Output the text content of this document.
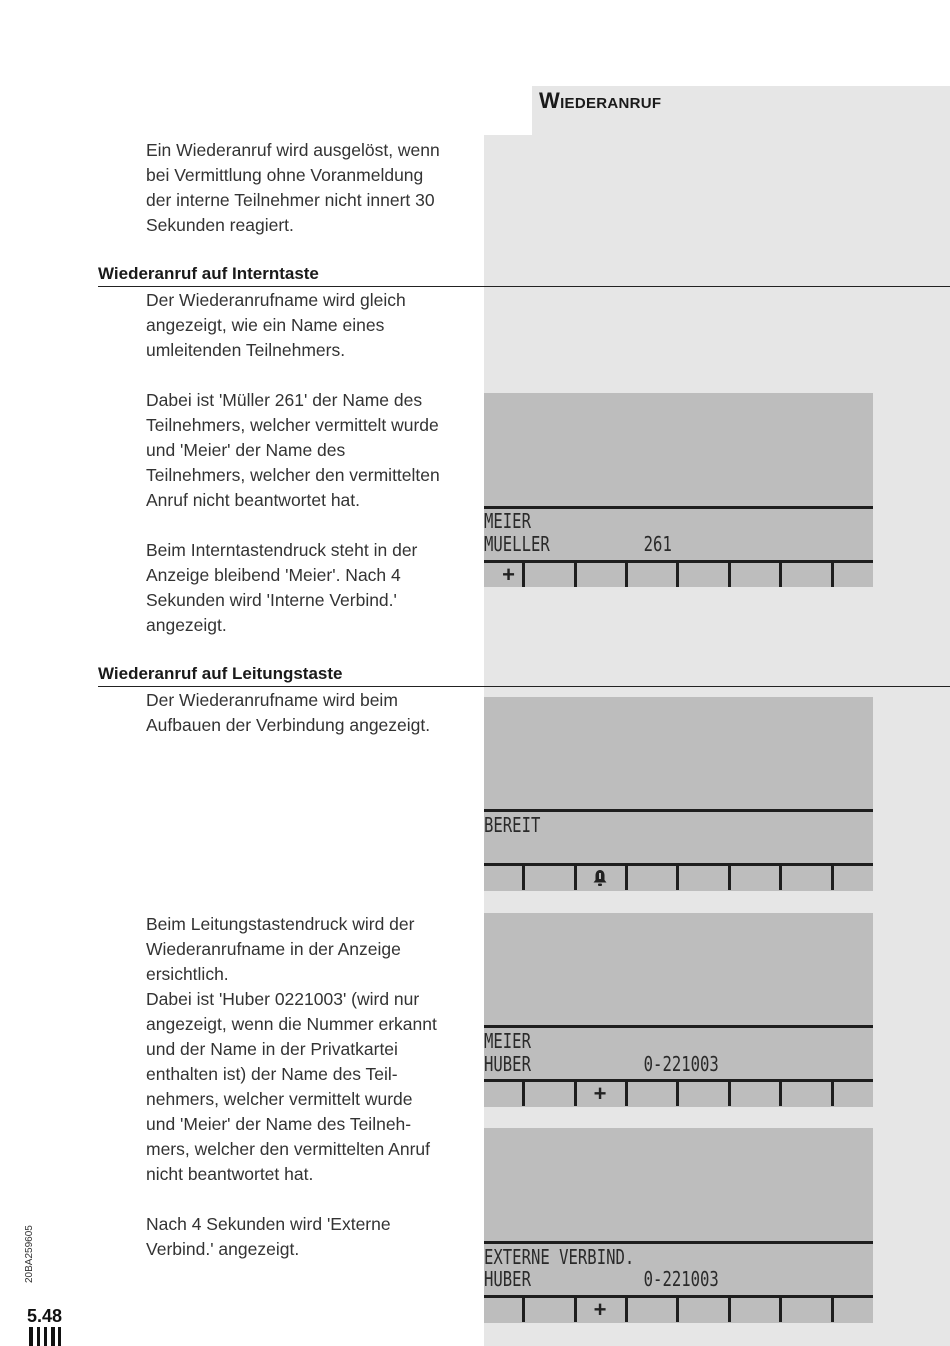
Wiederanruf
Ein Wiederanruf wird ausgelöst, wenn
bei Vermittlung ohne Voranmeldung
der interne Teilnehmer nicht innert 30
Sekunden reagiert.
Wiederanruf auf Interntaste
Der Wiederanrufname wird gleich
angezeigt, wie ein Name eines
umleitenden Teilnehmers.
Dabei ist 'Müller 261' der Name des
Teilnehmers, welcher vermittelt wurde
und 'Meier' der Name des
Teilnehmers, welcher den vermittelten
Anruf nicht beantwortet hat.
Beim Interntastendruck steht in der
Anzeige bleibend 'Meier'. Nach 4
Sekunden wird 'Interne Verbind.'
angezeigt.
Wiederanruf auf Leitungstaste
Der Wiederanrufname wird beim
Aufbauen der Verbindung angezeigt.
Beim Leitungstastendruck wird der
Wiederanrufname in der Anzeige
ersichtlich.
Dabei ist 'Huber 0221003' (wird nur
angezeigt, wenn die Nummer erkannt
und der Name in der Privatkartei
enthalten ist) der Name des Teil-
nehmers, welcher vermittelt wurde
und 'Meier' der Name des Teilneh-
mers, welcher den vermittelten Anruf
nicht beantwortet hat.
Nach 4 Sekunden wird 'Externe
Verbind.' angezeigt.
MEIER
MUELLER          261
+
BEREIT
MEIER
HUBER            0-221003
+
EXTERNE VERBIND.
HUBER            0-221003
+
20BA259605
5.48
